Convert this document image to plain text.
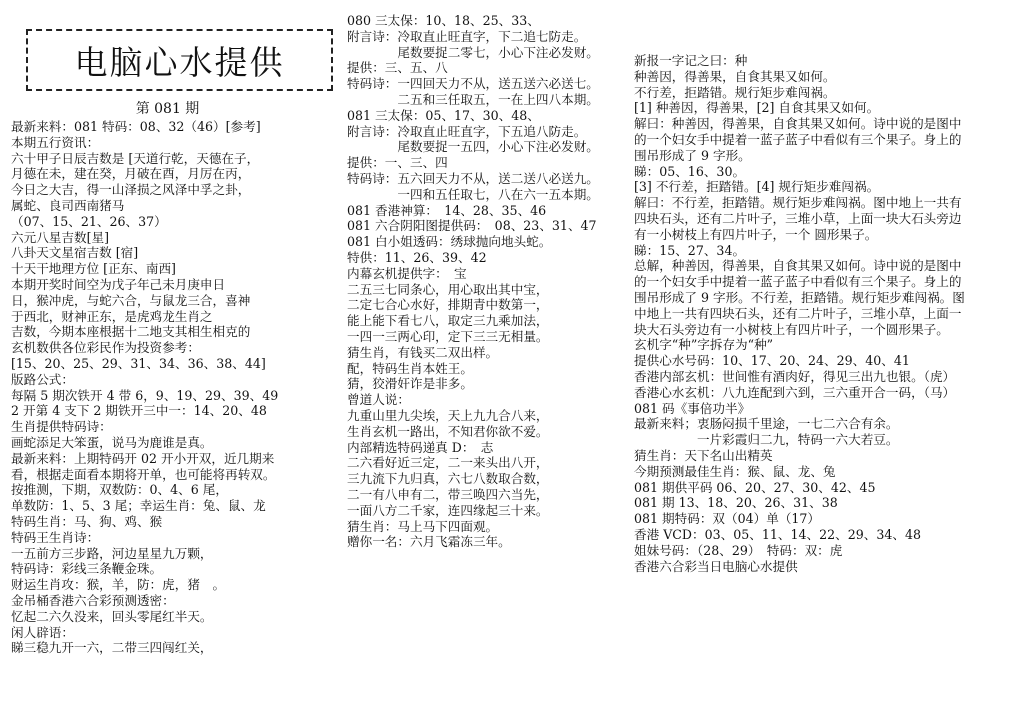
电脑心水提供
第 081 期
最新来料：081 特码：08、32（46）[参考]
本期五行资讯：
六十甲子日辰吉数是 [天道行乾，天德在子，
月德在未，建在癸，月破在酉，月厉在丙，
今日之大吉，得一山泽损之风泽中孚之卦，
属蛇、良司西南猪马
（07、15、21、26、37）
六元八星吉数[星]
八卦天文星宿吉数 [宿]
十天干地理方位 [正东、南西]
本期开奖时间空为戊子年己未月庚申日
日，猴冲虎，与蛇六合，与鼠龙三合，喜神
于西北，财神正东，是虎鸡龙生肖之
吉数，今期本座根据十二地支其相生相克的
玄机数供各位彩民作为投资参考：
[15、20、25、29、31、34、36、38、44]
版路公式：
每隔 5 期次铁开 4 带 6，9、19、29、39、49
2 开第 4 支下 2 期铁开三中一：14、20、48
生肖提供特码诗：
画蛇添足大笨蛋，说马为鹿谁是真。
最新来料：上期特码开 02 开小开双，近几期来
看，根据走面看本期将开单，也可能将再转双。
按推测，下期，双数防：0、4、6 尾，
单数防：1、5、3 尾；幸运生肖：兔、鼠、龙
特码生肖：马、狗、鸡、猴
特码王生肖诗：
一五前方三步路，河边星星九万颗，
特码诗：彩线三条鞭金珠。
财运生肖攻：猴，羊，防：虎，猪　。
金吊桶香港六合彩预测透密：
忆起二六久没来，回头零尾红半天。
闲人辟语：
睇三稳九开一六，二带三四闯红关，
080 三太保：10、18、25、33、
附言诗：冷取直止旺直字，下二追七防走。
　　　　尾数要捉二零七，小心下注必发财。
提供：三、五、八
特码诗：一四回天力不从，送五送六必送七。
　　　　二五和三任取五，一在上四八本期。
081 三太保：05、17、30、48、
附言诗：冷取直止旺直字，下五追八防走。
　　　　尾数要捉一五四，小心下注必发财。
提供：一、三、四
特码诗：五六回天力不从，送二送八必送九。
　　　　一四和五任取七，八在六一五本期。
081 香港神算：　14、28、35、46
081 六合阴阳图提供码：　08、23、31、47
081 白小姐透码：绣球抛向地头蛇。
特供：11、26、39、42
内幕玄机提供字：　宝
二五三七同条心，用心取出其中宝，
二定七合心水好，排期青中数第一，
能上能下看七八，取定三九乘加法，
一四一三两心印，定下三三无相量。
猜生肖，有钱买二双出样。
配，特码生肖本姓王。
猜，狡滑奸诈是非多。
曾道人说：
九重山里九尖埃，天上九九合八来，
生肖玄机一路出，不知君你欲不爱。
内部精选特码递真 D：　志
二六看好近三定，二一来头出八开，
三九流下九归真，六七八数取合数，
二一有八申有二，带三唤四六当先，
一面八方二千家，连四缘起三十来。
猜生肖：马上马下四面观。
赠你一名：六月飞霜冻三年。
新报一字记之曰：种
种善因，得善果，自食其果又如何。
不行差，拒踏错。规行矩步难闯祸。
[1] 种善因，得善果，[2] 自食其果又如何。
解曰：种善因，得善果，自食其果又如何。诗中说的是图中
的一个妇女手中提着一蓝子蓝子中看似有三个果子。身上的
围吊形成了 9 字形。
睇：05、16、30。
[3] 不行差，拒踏错。[4] 规行矩步难闯祸。
解曰：不行差，拒踏错。规行矩步难闯祸。图中地上一共有
四块石头，还有二片叶子，三堆小草，上面一块大石头旁边
有一小树枝上有四片叶子，一个 圆形果子。
睇：15、27、34。
总解，种善因，得善果，自食其果又如何。诗中说的是图中
的一个妇女手中提着一蓝子蓝子中看似有三个果子。身上的
围吊形成了 9 字形。不行差，拒踏错。规行矩步难闯祸。图
中地上一共有四块石头，还有二片叶子，三堆小草，上面一
块大石头旁边有一小树枝上有四片叶子，一个圆形果子。
玄机字“种”字拆存为“种”
提供心水号码：10、17、20、24、29、40、41
香港内部玄机：世间惟有酒肉好，得见三出九也银。（虎）
香港心水玄机：八九连配到六到，三六重开合一码，（马）
081 码《事倍功半》
最新来料；衷肠闷损千里途，一七二六合有余。
　　　　　一片彩霞归二九，特码一六大若豆。
猜生肖：天下名山出精英
今期预测最佳生肖：猴、鼠、龙、兔
081 期供平码 06、20、27、30、42、45
081 期 13、18、20、26、31、38
081 期特码：双（04）单（17）
香港 VCD：03、05、11、14、22、29、34、48
姐妹号码：（28、29）　特码：双：虎
香港六合彩当日电脑心水提供
